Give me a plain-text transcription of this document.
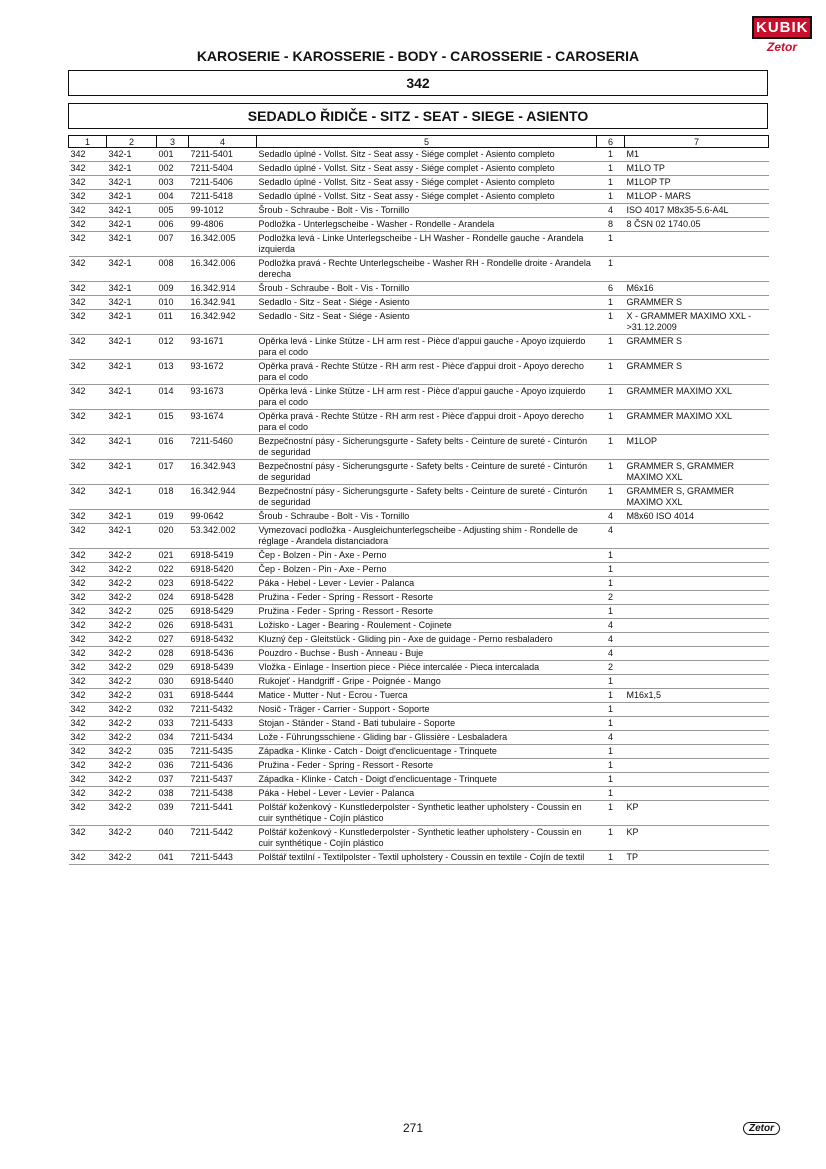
KUBIK
Zetor
KAROSERIE - KAROSSERIE - BODY - CAROSSERIE - CAROSERIA
342
SEDADLO ŘIDIČE - SITZ - SEAT - SIEGE - ASIENTO
1	2	3	4	5	6	7
342	342-1	001	7211-5401	Sedadlo úplné - Vollst. Sitz - Seat assy - Siége complet - Asiento completo	1	M1
342	342-1	002	7211-5404	Sedadlo úplné - Vollst. Sitz - Seat assy - Siége complet - Asiento completo	1	M1LO TP
342	342-1	003	7211-5406	Sedadlo úplné - Vollst. Sitz - Seat assy - Siége complet - Asiento completo	1	M1LOP TP
342	342-1	004	7211-5418	Sedadlo úplné - Vollst. Sitz - Seat assy - Siége complet - Asiento completo	1	M1LOP - MARS
342	342-1	005	99-1012	Šroub - Schraube - Bolt - Vis - Tornillo	4	ISO 4017 M8x35-5.6-A4L
342	342-1	006	99-4806	Podložka - Unterlegscheibe - Washer - Rondelle - Arandela	8	8 ČSN 02 1740.05
342	342-1	007	16.342.005	Podložka levá - Linke Unterlegscheibe - LH Washer - Rondelle gauche - Arandela izquierda	1	
342	342-1	008	16.342.006	Podložka pravá - Rechte Unterlegscheibe - Washer RH - Rondelle droite - Arandela derecha	1	
342	342-1	009	16.342.914	Šroub - Schraube - Bolt - Vis - Tornillo	6	M6x16
342	342-1	010	16.342.941	Sedadlo - Sitz - Seat - Siége - Asiento	1	GRAMMER S
342	342-1	011	16.342.942	Sedadlo - Sitz - Seat - Siége - Asiento	1	X - GRAMMER MAXIMO XXL - >31.12.2009
342	342-1	012	93-1671	Opěrka levá - Linke Stütze - LH arm rest - Pièce d'appui gauche - Apoyo izquierdo para el codo	1	GRAMMER S
342	342-1	013	93-1672	Opěrka pravá - Rechte Stütze - RH arm rest - Pièce d'appui droit - Apoyo derecho para el codo	1	GRAMMER S
342	342-1	014	93-1673	Opěrka levá - Linke Stütze - LH arm rest - Pièce d'appui gauche - Apoyo izquierdo para el codo	1	GRAMMER MAXIMO XXL
342	342-1	015	93-1674	Opěrka pravá - Rechte Stütze - RH arm rest - Pièce d'appui droit - Apoyo derecho para el codo	1	GRAMMER MAXIMO XXL
342	342-1	016	7211-5460	Bezpečnostní pásy - Sicherungsgurte - Safety belts - Ceinture de sureté - Cinturón de seguridad	1	M1LOP
342	342-1	017	16.342.943	Bezpečnostní pásy - Sicherungsgurte - Safety belts - Ceinture de sureté - Cinturón de seguridad	1	GRAMMER S, GRAMMER MAXIMO XXL
342	342-1	018	16.342.944	Bezpečnostní pásy - Sicherungsgurte - Safety belts - Ceinture de sureté - Cinturón de seguridad	1	GRAMMER S, GRAMMER MAXIMO XXL
342	342-1	019	99-0642	Šroub - Schraube - Bolt - Vis - Tornillo	4	M8x60 ISO 4014
342	342-1	020	53.342.002	Vymezovací podložka - Ausgleichunterlegscheibe - Adjusting shim - Rondelle de réglage - Arandela distanciadora	4	
342	342-2	021	6918-5419	Čep - Bolzen - Pin - Axe - Perno	1	
342	342-2	022	6918-5420	Čep - Bolzen - Pin - Axe - Perno	1	
342	342-2	023	6918-5422	Páka - Hebel - Lever - Levier - Palanca	1	
342	342-2	024	6918-5428	Pružina - Feder - Spring - Ressort - Resorte	2	
342	342-2	025	6918-5429	Pružina - Feder - Spring - Ressort - Resorte	1	
342	342-2	026	6918-5431	Ložisko - Lager - Bearing - Roulement - Cojinete	4	
342	342-2	027	6918-5432	Kluzný čep - Gleitstück - Gliding pin - Axe de guidage - Perno resbaladero	4	
342	342-2	028	6918-5436	Pouzdro - Buchse - Bush - Anneau - Buje	4	
342	342-2	029	6918-5439	Vložka - Einlage - Insertion piece - Pièce intercalée - Pieca intercalada	2	
342	342-2	030	6918-5440	Rukojeť - Handgriff - Gripe - Poignée - Mango	1	
342	342-2	031	6918-5444	Matice - Mutter - Nut - Ecrou - Tuerca	1	M16x1,5
342	342-2	032	7211-5432	Nosič - Träger - Carrier - Support - Soporte	1	
342	342-2	033	7211-5433	Stojan - Ständer - Stand - Bati tubulaire - Soporte	1	
342	342-2	034	7211-5434	Lože - Führungsschiene - Gliding bar - Glissière - Lesbaladera	4	
342	342-2	035	7211-5435	Západka - Klinke - Catch - Doigt d'enclicuentage - Trinquete	1	
342	342-2	036	7211-5436	Pružina - Feder - Spring - Ressort - Resorte	1	
342	342-2	037	7211-5437	Západka - Klinke - Catch - Doigt d'enclicuentage - Trinquete	1	
342	342-2	038	7211-5438	Páka - Hebel - Lever - Levier - Palanca	1	
342	342-2	039	7211-5441	Polštář koženkový - Kunstlederpolster - Synthetic leather upholstery - Coussin en cuir synthétique - Cojín plástico	1	KP
342	342-2	040	7211-5442	Polštář koženkový - Kunstlederpolster - Synthetic leather upholstery - Coussin en cuir synthétique - Cojín plástico	1	KP
342	342-2	041	7211-5443	Polštář textilní - Textilpolster - Textil upholstery - Coussin en textile - Cojín de textil	1	TP
271	Zetor
